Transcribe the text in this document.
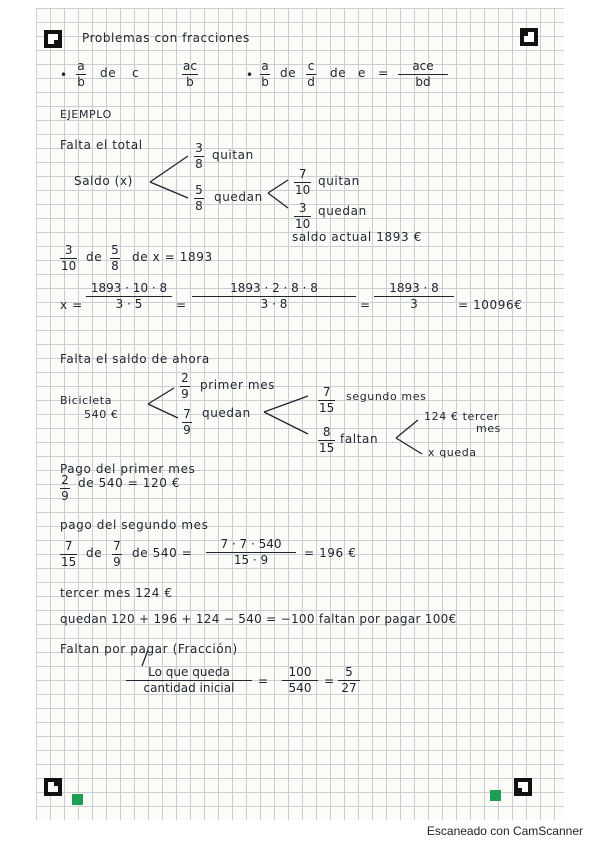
Problemas con fracciones
•
a
b
de c	ac
b	•
a
b
de c
d
de e = ace
bd
EJEMPLO
Falta el total
Saldo (x)
3
8
quitan
5
8
quedan
7
10
quitan
3
10
quedan
saldo actual 1893 €
3
10
de 5
8
de x = 1893
x =
1893 · 10 · 8
3 · 5	=
1893 · 2 · 8 · 8
3 · 8	=
1893 · 8
3	= 10096€
Falta el saldo de ahora
Bicicleta
540 €
2
9
primer mes
7
9
quedan
7
15
segundo mes
8
15
faltan
124 € tercer
mes
x queda
Pago del primer mes
2
9
de 540 = 120 €
pago del segundo mes
7
15
de 7
9
de 540 =
7 · 7 · 540
15 · 9	= 196 €
tercer mes 124 €
quedan 120 + 196 + 124 − 540 = −100 faltan por pagar 100€
Faltan por pagar (Fracción)
Lo que queda
cantidad inicial =
100
540 =
5
27
Escaneado con CamScanner
